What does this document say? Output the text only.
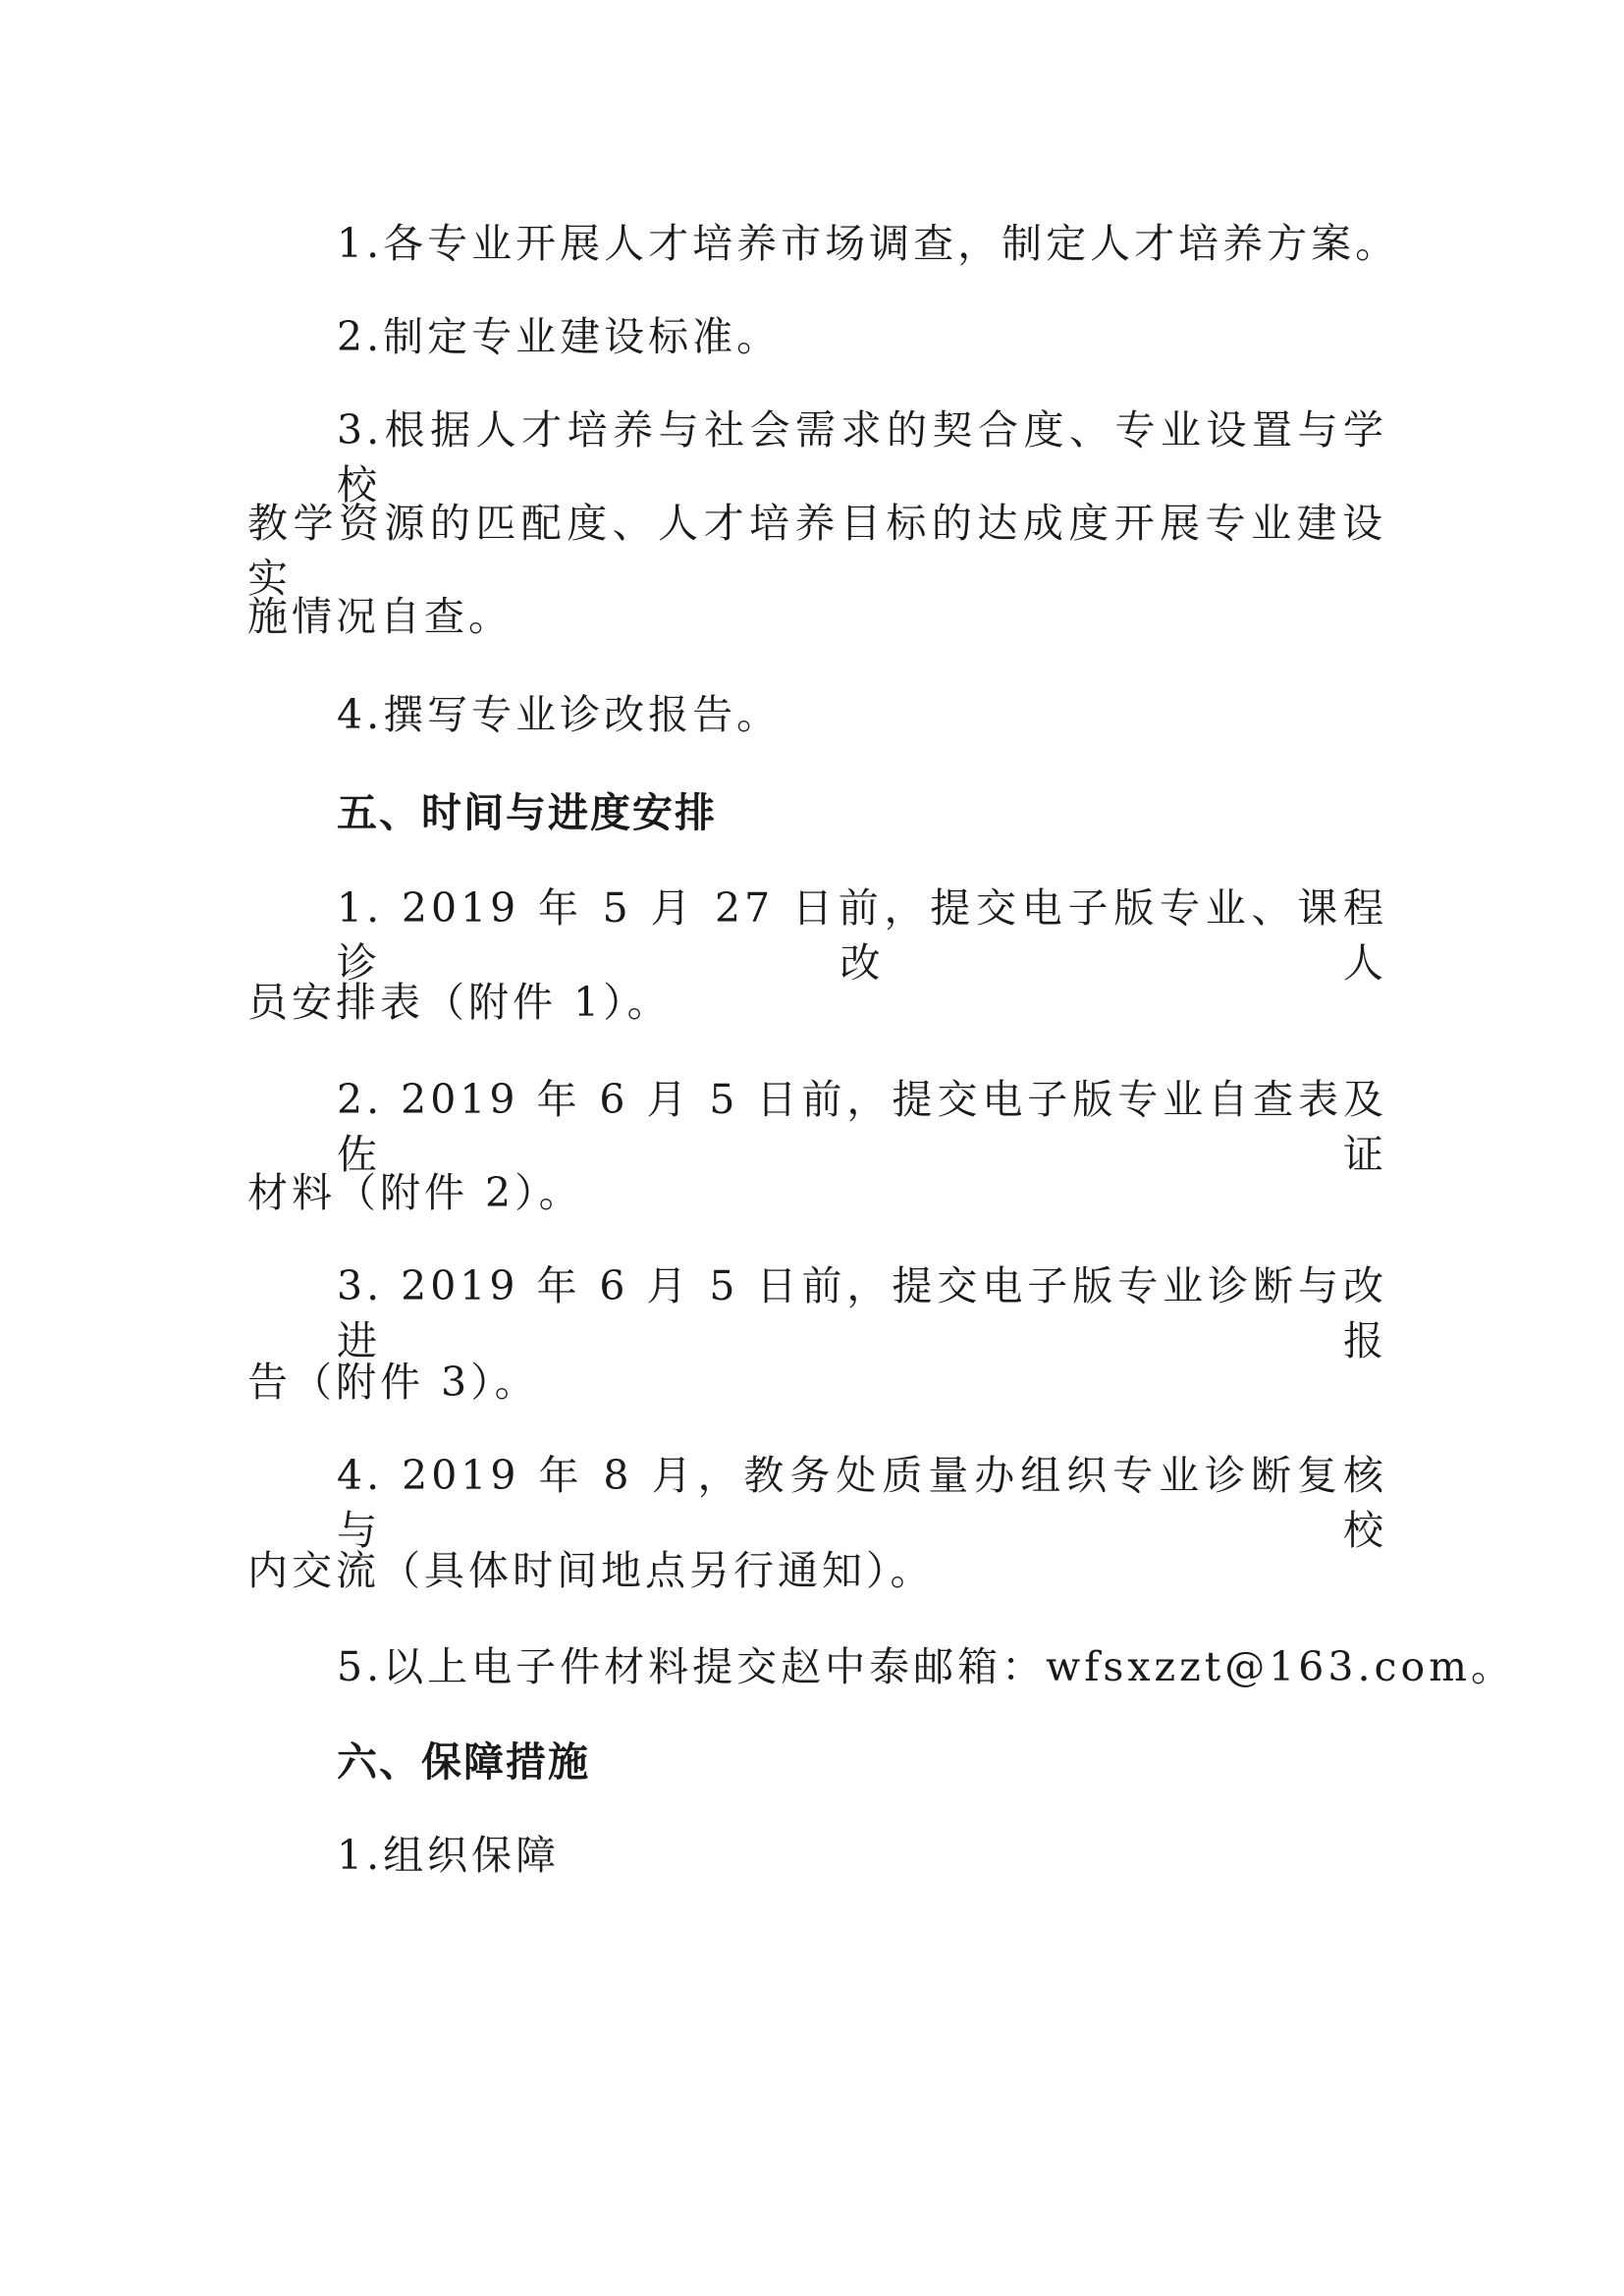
1.各专业开展人才培养市场调查，制定人才培养方案。
2.制定专业建设标准。
3.根据人才培养与社会需求的契合度、专业设置与学校
教学资源的匹配度、人才培养目标的达成度开展专业建设实
施情况自查。
4.撰写专业诊改报告。
五、时间与进度安排
1. 2019 年 5 月 27 日前，提交电子版专业、课程诊改人
员安排表（附件 1）。
2. 2019 年 6 月 5 日前，提交电子版专业自查表及佐证
材料（附件 2）。
3. 2019 年 6 月 5 日前，提交电子版专业诊断与改进报
告（附件 3）。
4. 2019 年 8 月，教务处质量办组织专业诊断复核与校
内交流（具体时间地点另行通知）。
5.以上电子件材料提交赵中泰邮箱：wfsxzzt@163.com。
六、保障措施
1.组织保障
